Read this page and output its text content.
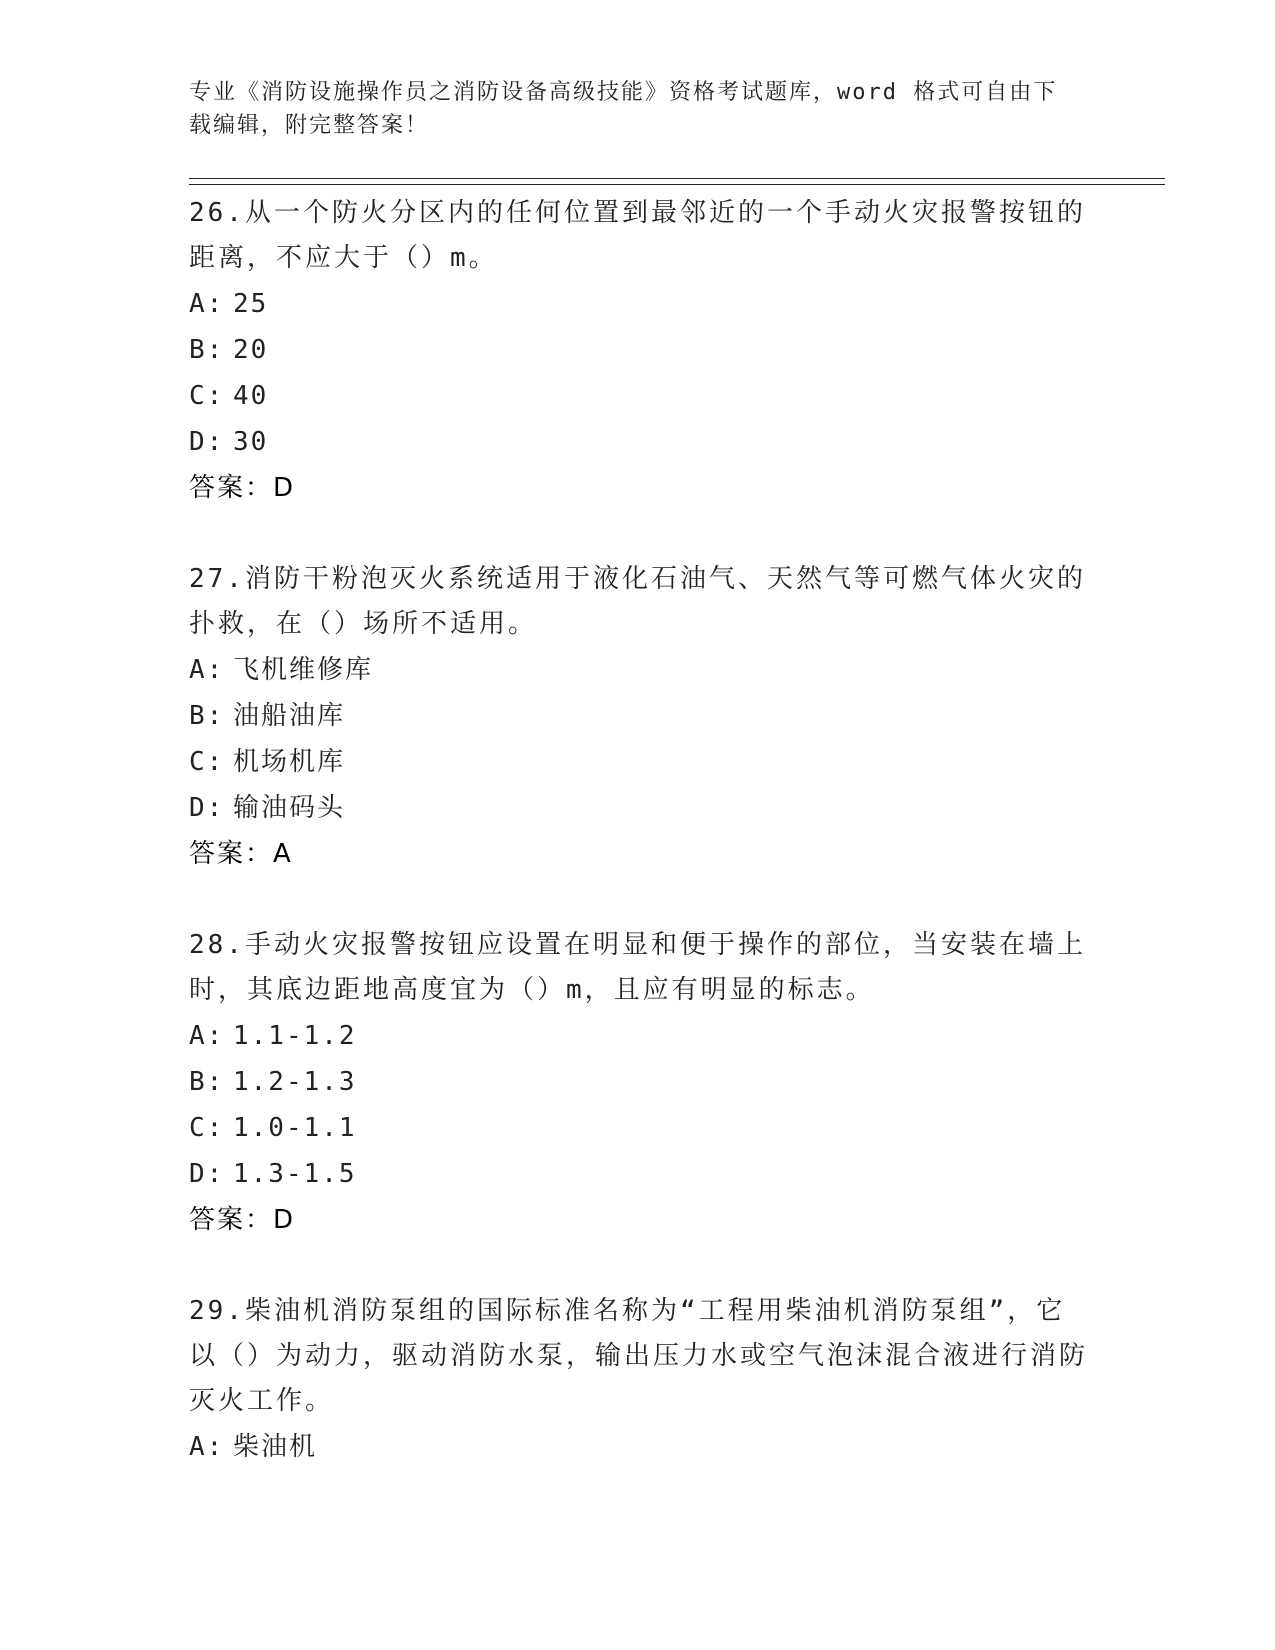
专业《消防设施操作员之消防设备高级技能》资格考试题库，word 格式可自由下
载编辑，附完整答案！

26.从一个防火分区内的任何位置到最邻近的一个手动火灾报警按钮的距离，不应大于（）m。

A: 25
B: 20
C: 40
D: 30
答案：D

27.消防干粉泡灭火系统适用于液化石油气、天然气等可燃气体火灾的扑救，在（）场所不适用。

A: 飞机维修库
B: 油船油库
C: 机场机库
D: 输油码头
答案：A

28.手动火灾报警按钮应设置在明显和便于操作的部位，当安装在墙上时，其底边距地高度宜为（）m，且应有明显的标志。

A: 1.1-1.2
B: 1.2-1.3
C: 1.0-1.1
D: 1.3-1.5
答案：D

29.柴油机消防泵组的国际标准名称为“工程用柴油机消防泵组”，它以（）为动力，驱动消防水泵，输出压力水或空气泡沫混合液进行消防灭火工作。

A: 柴油机
